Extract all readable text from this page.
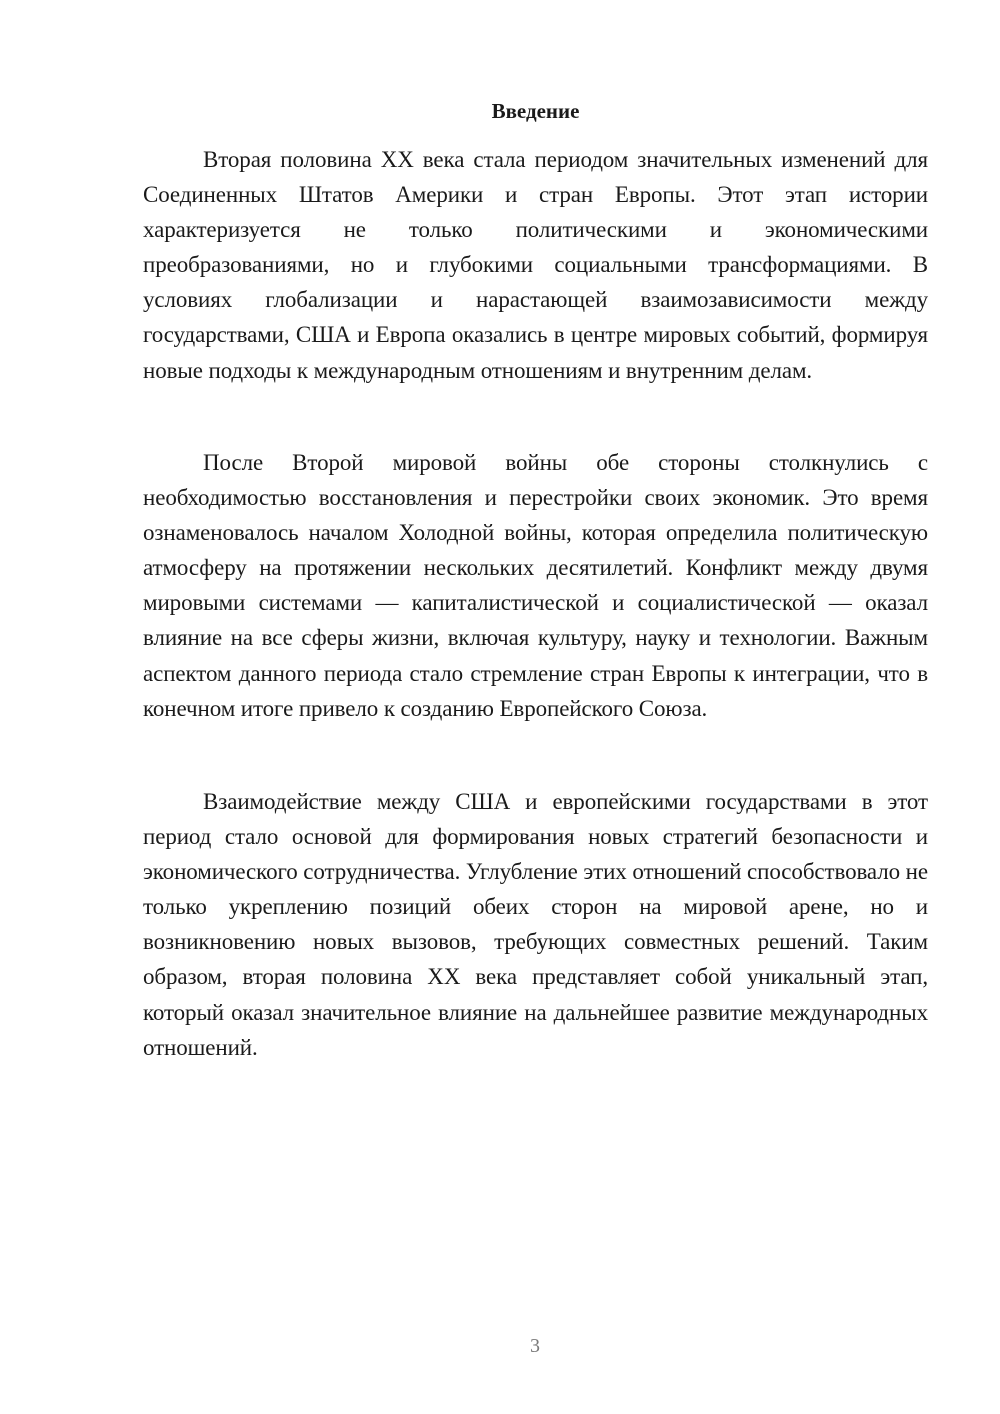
Введение

Вторая половина XX века стала периодом значительных изменений для Соединенных Штатов Америки и стран Европы. Этот этап истории характеризуется не только политическими и экономическими преобразованиями, но и глубокими социальными трансформациями. В условиях глобализации и нарастающей взаимозависимости между государствами, США и Европа оказались в центре мировых событий, формируя новые подходы к международным отношениям и внутренним делам.

После Второй мировой войны обе стороны столкнулись с необходимостью восстановления и перестройки своих экономик. Это время ознаменовалось началом Холодной войны, которая определила политическую атмосферу на протяжении нескольких десятилетий. Конфликт между двумя мировыми системами — капиталистической и социалистической — оказал влияние на все сферы жизни, включая культуру, науку и технологии. Важным аспектом данного периода стало стремление стран Европы к интеграции, что в конечном итоге привело к созданию Европейского Союза.

Взаимодействие между США и европейскими государствами в этот период стало основой для формирования новых стратегий безопасности и экономического сотрудничества. Углубление этих отношений способствовало не только укреплению позиций обеих сторон на мировой арене, но и возникновению новых вызовов, требующих совместных решений. Таким образом, вторая половина XX века представляет собой уникальный этап, который оказал значительное влияние на дальнейшее развитие международных отношений.

3
